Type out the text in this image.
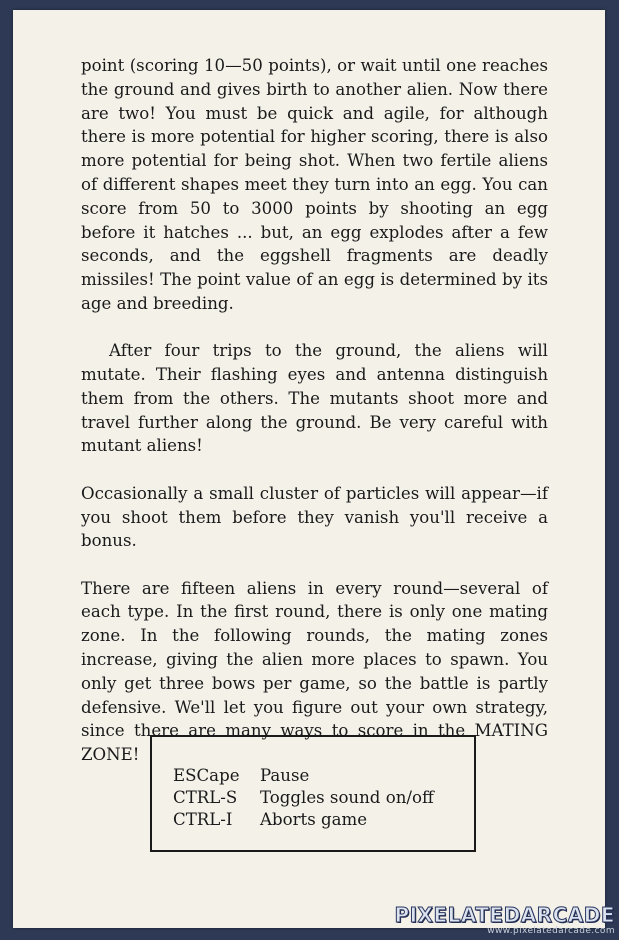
point (scoring 10—50 points), or wait until one reaches the ground and gives birth to another alien. Now there are two! You must be quick and agile, for although there is more potential for higher scoring, there is also more potential for being shot. When two fertile aliens of different shapes meet they turn into an egg. You can score from 50 to 3000 points by shooting an egg before it hatches ... but, an egg explodes after a few seconds, and the eggshell fragments are deadly missiles! The point value of an egg is determined by its age and breeding.

After four trips to the ground, the aliens will mutate. Their flashing eyes and antenna distinguish them from the others. The mutants shoot more and travel further along the ground. Be very careful with mutant aliens!

Occasionally a small cluster of particles will appear—if you shoot them before they vanish you'll receive a bonus.

There are fifteen aliens in every round—several of each type. In the first round, there is only one mating zone. In the following rounds, the mating zones increase, giving the alien more places to spawn. You only get three bows per game, so the battle is partly defensive. We'll let you figure out your own strategy, since there are many ways to score in the MATING ZONE!

ESCape Pause
CTRL-S Toggles sound on/off
CTRL-I Aborts game
PIXELATEDARCADE
www.pixelatedarcade.com
